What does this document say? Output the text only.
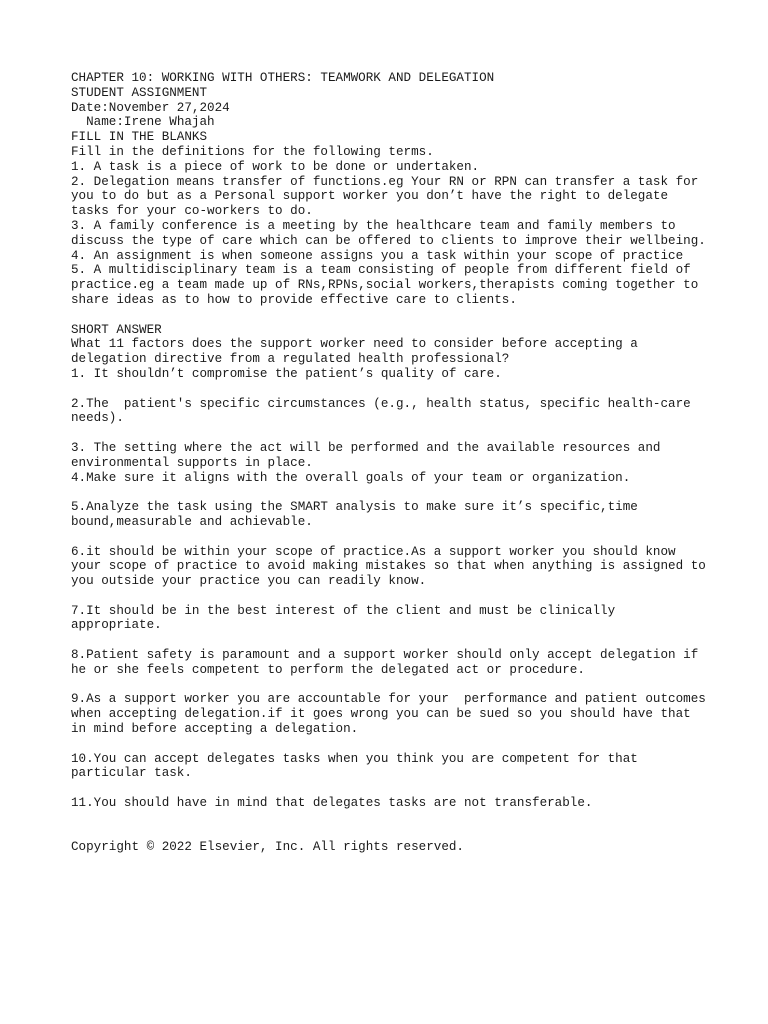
CHAPTER 10: WORKING WITH OTHERS: TEAMWORK AND DELEGATION
STUDENT ASSIGNMENT
Date:November 27,2024
Name:Irene Whajah
FILL IN THE BLANKS
Fill in the definitions for the following terms.
1. A task is a piece of work to be done or undertaken.
2. Delegation means transfer of functions.eg Your RN or RPN can transfer a task for you to do but as a Personal support worker you don’t have the right to delegate tasks for your co-workers to do.
3. A family conference is a meeting by the healthcare team and family members to discuss the type of care which can be offered to clients to improve their wellbeing.
4. An assignment is when someone assigns you a task within your scope of practice
5. A multidisciplinary team is a team consisting of people from different field of practice.eg a team made up of RNs,RPNs,social workers,therapists coming together to share ideas as to how to provide effective care to clients.
SHORT ANSWER
What 11 factors does the support worker need to consider before accepting a delegation directive from a regulated health professional?
1. It shouldn’t compromise the patient’s quality of care.
2.The  patient's specific circumstances (e.g., health status, specific health-care needs).
3. The setting where the act will be performed and the available resources and environmental supports in place.
4.Make sure it aligns with the overall goals of your team or organization.
5.Analyze the task using the SMART analysis to make sure it’s specific,time bound,measurable and achievable.
6.it should be within your scope of practice.As a support worker you should know your scope of practice to avoid making mistakes so that when anything is assigned to you outside your practice you can readily know.
7.It should be in the best interest of the client and must be clinically appropriate.
8.Patient safety is paramount and a support worker should only accept delegation if he or she feels competent to perform the delegated act or procedure.
9.As a support worker you are accountable for your  performance and patient outcomes when accepting delegation.if it goes wrong you can be sued so you should have that in mind before accepting a delegation.
10.You can accept delegates tasks when you think you are competent for that particular task.
11.You should have in mind that delegates tasks are not transferable.
Copyright © 2022 Elsevier, Inc. All rights reserved.
